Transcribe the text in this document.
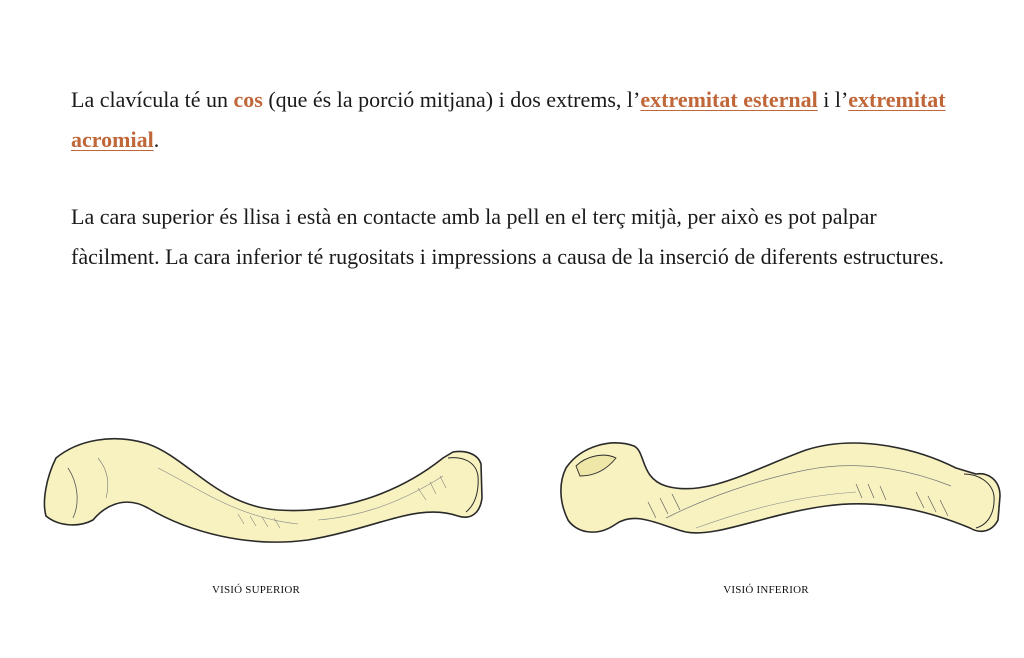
La clavícula té un cos (que és la porció mitjana) i dos extrems, l’extremitat esternal i l’extremitat acromial.

La cara superior és llisa i està en contacte amb la pell en el terç mitjà, per això es pot palpar fàcilment. La cara inferior té rugositats i impressions a causa de la inserció de diferents estructures.

VISIÓ SUPERIOR	VISIÓ INFERIOR
